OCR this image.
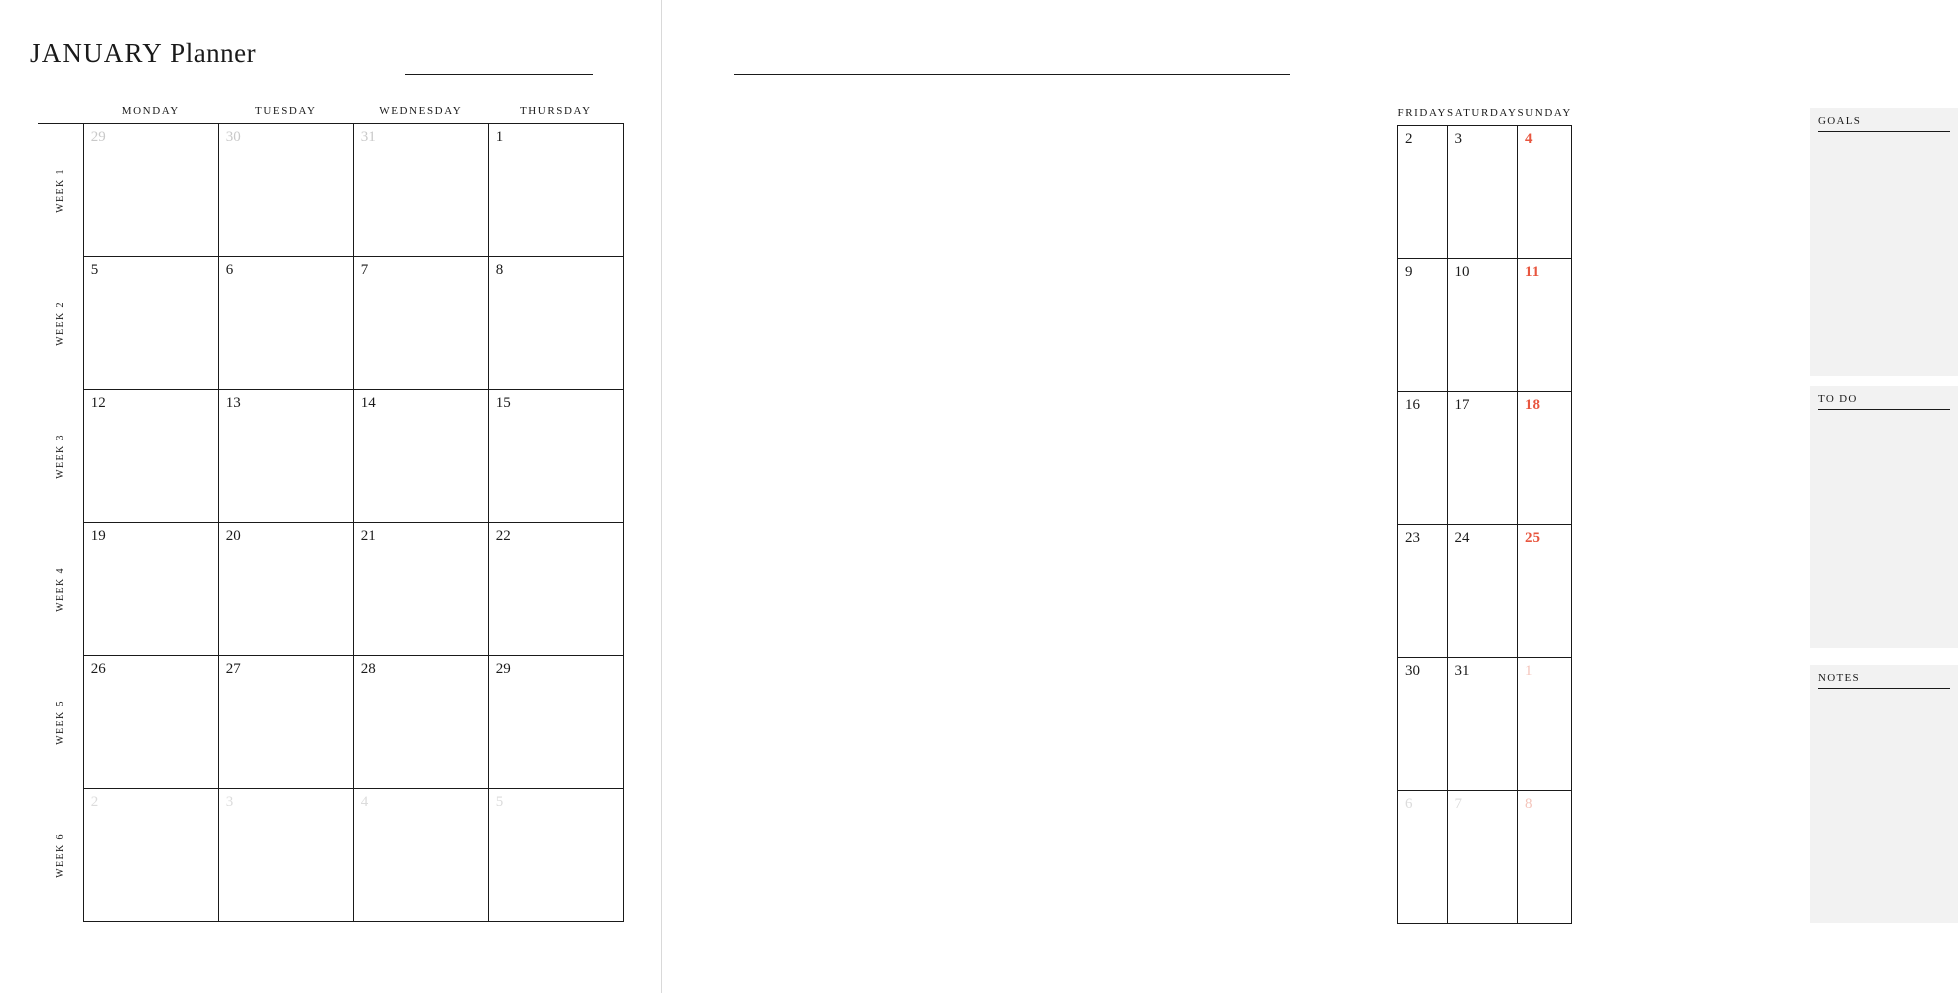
JANUARY Planner
	MONDAY	TUESDAY	WEDNESDAY	THURSDAY

WEEK 1	29	30	31	1

WEEK 2	5	6	7	8

WEEK 3	12	13	14	15

WEEK 4	19	20	21	22

WEEK 5	26	27	28	29

WEEK 6	2	3	4	5
FRIDAY	SATURDAY	SUNDAY

2	3	4

9	10	11

16	17	18

23	24	25

30	31	1

6	7	8
GOALS
TO DO
NOTES
